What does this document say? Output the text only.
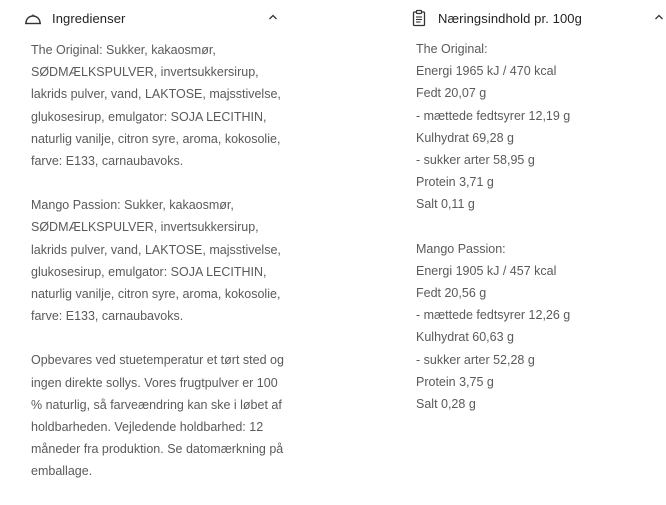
Ingredienser

The Original: Sukker, kakaosmør, SØDMÆLKSPULVER, invertsukkersirup, lakrids pulver, vand, LAKTOSE, majsstivelse, glukosesirup, emulgator: SOJA LECITHIN, naturlig vanilje, citron syre, aroma, kokosolie, farve: E133, carnaubavoks.

Mango Passion: Sukker, kakaosmør, SØDMÆLKSPULVER, invertsukkersirup, lakrids pulver, vand, LAKTOSE, majsstivelse, glukosesirup, emulgator: SOJA LECITHIN, naturlig vanilje, citron syre, aroma, kokosolie, farve: E133, carnaubavoks.

Opbevares ved stuetemperatur et tørt sted og ingen direkte sollys. Vores frugtpulver er 100 % naturlig, så farveændring kan ske i løbet af holdbarheden. Vejledende holdbarhed: 12 måneder fra produktion. Se datomærkning på emballage.

Næringsindhold pr. 100g
The Original:
Energi 1965 kJ / 470 kcal
Fedt 20,07 g
- mættede fedtsyrer 12,19 g
Kulhydrat 69,28 g
- sukker arter 58,95 g
Protein 3,71 g
Salt 0,11 g
Mango Passion:
Energi 1905 kJ / 457 kcal
Fedt 20,56 g
- mættede fedtsyrer 12,26 g
Kulhydrat 60,63 g
- sukker arter 52,28 g
Protein 3,75 g
Salt 0,28 g
